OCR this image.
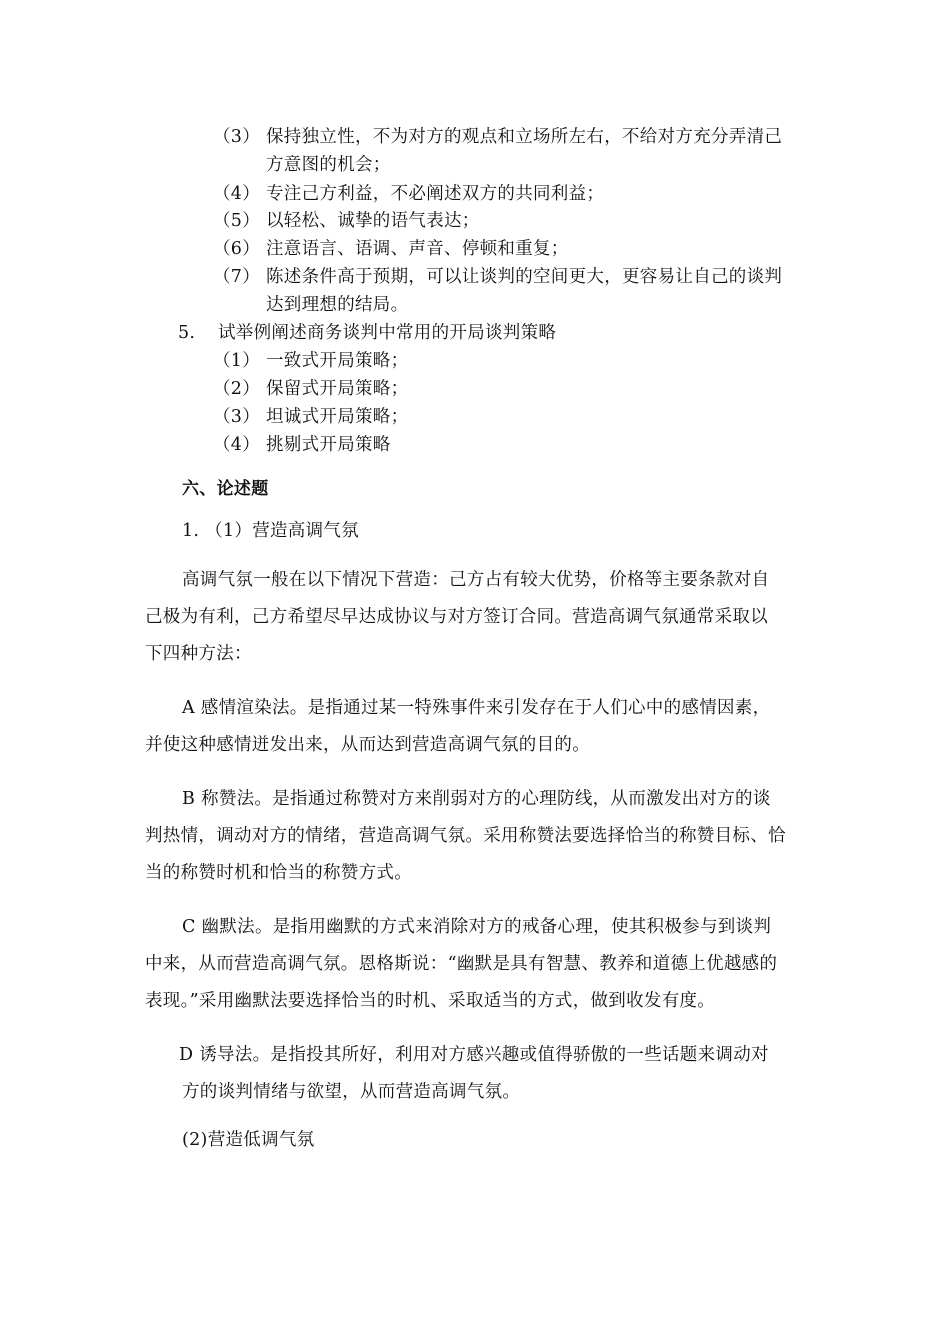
（3） 保持独立性，不为对方的观点和立场所左右，不给对方充分弄清己
方意图的机会；
（4） 专注己方利益，不必阐述双方的共同利益；
（5） 以轻松、诚挚的语气表达；
（6） 注意语言、语调、声音、停顿和重复；
（7） 陈述条件高于预期，可以让谈判的空间更大，更容易让自己的谈判
达到理想的结局。
5.	试举例阐述商务谈判中常用的开局谈判策略
（1） 一致式开局策略；
（2） 保留式开局策略；
（3） 坦诚式开局策略；
（4） 挑剔式开局策略
六、论述题
1. （1）营造高调气氛
高调气氛一般在以下情况下营造：己方占有较大优势，价格等主要条款对自
己极为有利，己方希望尽早达成协议与对方签订合同。营造高调气氛通常采取以
下四种方法：
A 感情渲染法。是指通过某一特殊事件来引发存在于人们心中的感情因素，
并使这种感情迸发出来，从而达到营造高调气氛的目的。
B 称赞法。是指通过称赞对方来削弱对方的心理防线，从而激发出对方的谈
判热情，调动对方的情绪，营造高调气氛。采用称赞法要选择恰当的称赞目标、恰
当的称赞时机和恰当的称赞方式。
C 幽默法。是指用幽默的方式来消除对方的戒备心理，使其积极参与到谈判
中来，从而营造高调气氛。恩格斯说：“幽默是具有智慧、教养和道德上优越感的
表现。”采用幽默法要选择恰当的时机、采取适当的方式，做到收发有度。
D 诱导法。是指投其所好，利用对方感兴趣或值得骄傲的一些话题来调动对
方的谈判情绪与欲望，从而营造高调气氛。
(2)营造低调气氛
